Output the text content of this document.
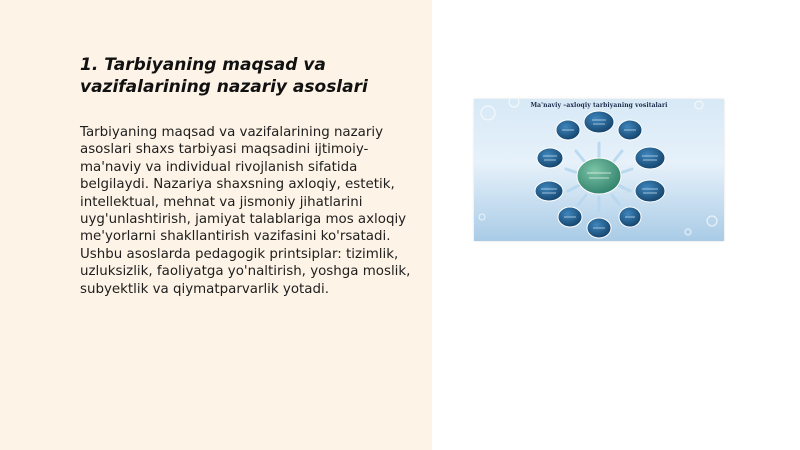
1. Tarbiyaning maqsad va vazifalarining nazariy asoslari

Tarbiyaning maqsad va vazifalarining nazariy asoslari shaxs tarbiyasi maqsadini ijtimoiy-ma'naviy va individual rivojlanish sifatida belgilaydi. Nazariya shaxsning axloqiy, estetik, intellektual, mehnat va jismoniy jihatlarini uyg'unlashtirish, jamiyat talablariga mos axloqiy me'yorlarni shakllantirish vazifasini ko'rsatadi. Ushbu asoslarda pedagogik printsiplar: tizimlik, uzluksizlik, faoliyatga yo'naltirish, yoshga moslik, subyektlik va qiymatparvarlik yotadi.

Ma'naviy –axloqiy tarbiyaning vositalari
